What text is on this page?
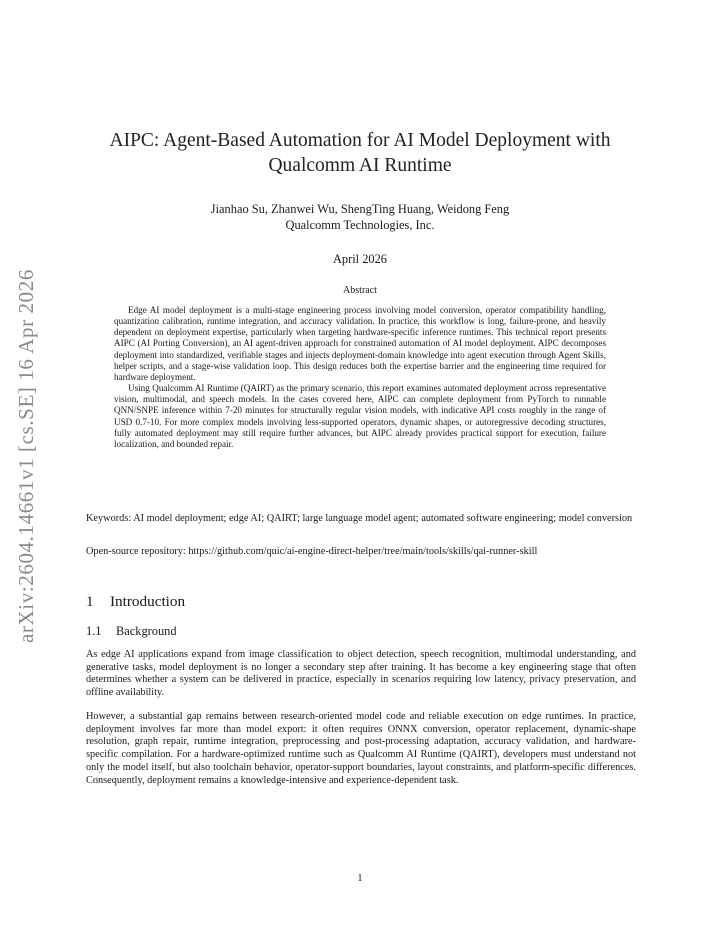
arXiv:2604.14661v1 [cs.SE] 16 Apr 2026
AIPC: Agent-Based Automation for AI Model Deployment with Qualcomm AI Runtime
Jianhao Su, Zhanwei Wu, ShengTing Huang, Weidong Feng
Qualcomm Technologies, Inc.
April 2026
Abstract

Edge AI model deployment is a multi-stage engineering process involving model conversion, operator compatibility handling, quantization calibration, runtime integration, and accuracy validation. In practice, this workflow is long, failure-prone, and heavily dependent on deployment expertise, particularly when targeting hardware-specific inference runtimes. This technical report presents AIPC (AI Porting Conversion), an AI agent-driven approach for constrained automation of AI model deployment. AIPC decomposes deployment into standardized, verifiable stages and injects deployment-domain knowledge into agent execution through Agent Skills, helper scripts, and a stage-wise validation loop. This design reduces both the expertise barrier and the engineering time required for hardware deployment.

Using Qualcomm AI Runtime (QAIRT) as the primary scenario, this report examines automated deployment across representative vision, multimodal, and speech models. In the cases covered here, AIPC can complete deployment from PyTorch to runnable QNN/SNPE inference within 7-20 minutes for structurally regular vision models, with indicative API costs roughly in the range of USD 0.7-10. For more complex models involving less-supported operators, dynamic shapes, or autoregressive decoding structures, fully automated deployment may still require further advances, but AIPC already provides practical support for execution, failure localization, and bounded repair.

Keywords: AI model deployment; edge AI; QAIRT; large language model agent; automated software engineering; model conversion
Open-source repository: https://github.com/quic/ai-engine-direct-helper/tree/main/tools/skills/qai-runner-skill
1 Introduction
1.1 Background

As edge AI applications expand from image classification to object detection, speech recognition, multimodal understanding, and generative tasks, model deployment is no longer a secondary step after training. It has become a key engineering stage that often determines whether a system can be delivered in practice, especially in scenarios requiring low latency, privacy preservation, and offline availability.

However, a substantial gap remains between research-oriented model code and reliable execution on edge runtimes. In practice, deployment involves far more than model export: it often requires ONNX conversion, operator replacement, dynamic-shape resolution, graph repair, runtime integration, preprocessing and post-processing adaptation, accuracy validation, and hardware-specific compilation. For a hardware-optimized runtime such as Qualcomm AI Runtime (QAIRT), developers must understand not only the model itself, but also toolchain behavior, operator-support boundaries, layout constraints, and platform-specific differences. Consequently, deployment remains a knowledge-intensive and experience-dependent task.

1
